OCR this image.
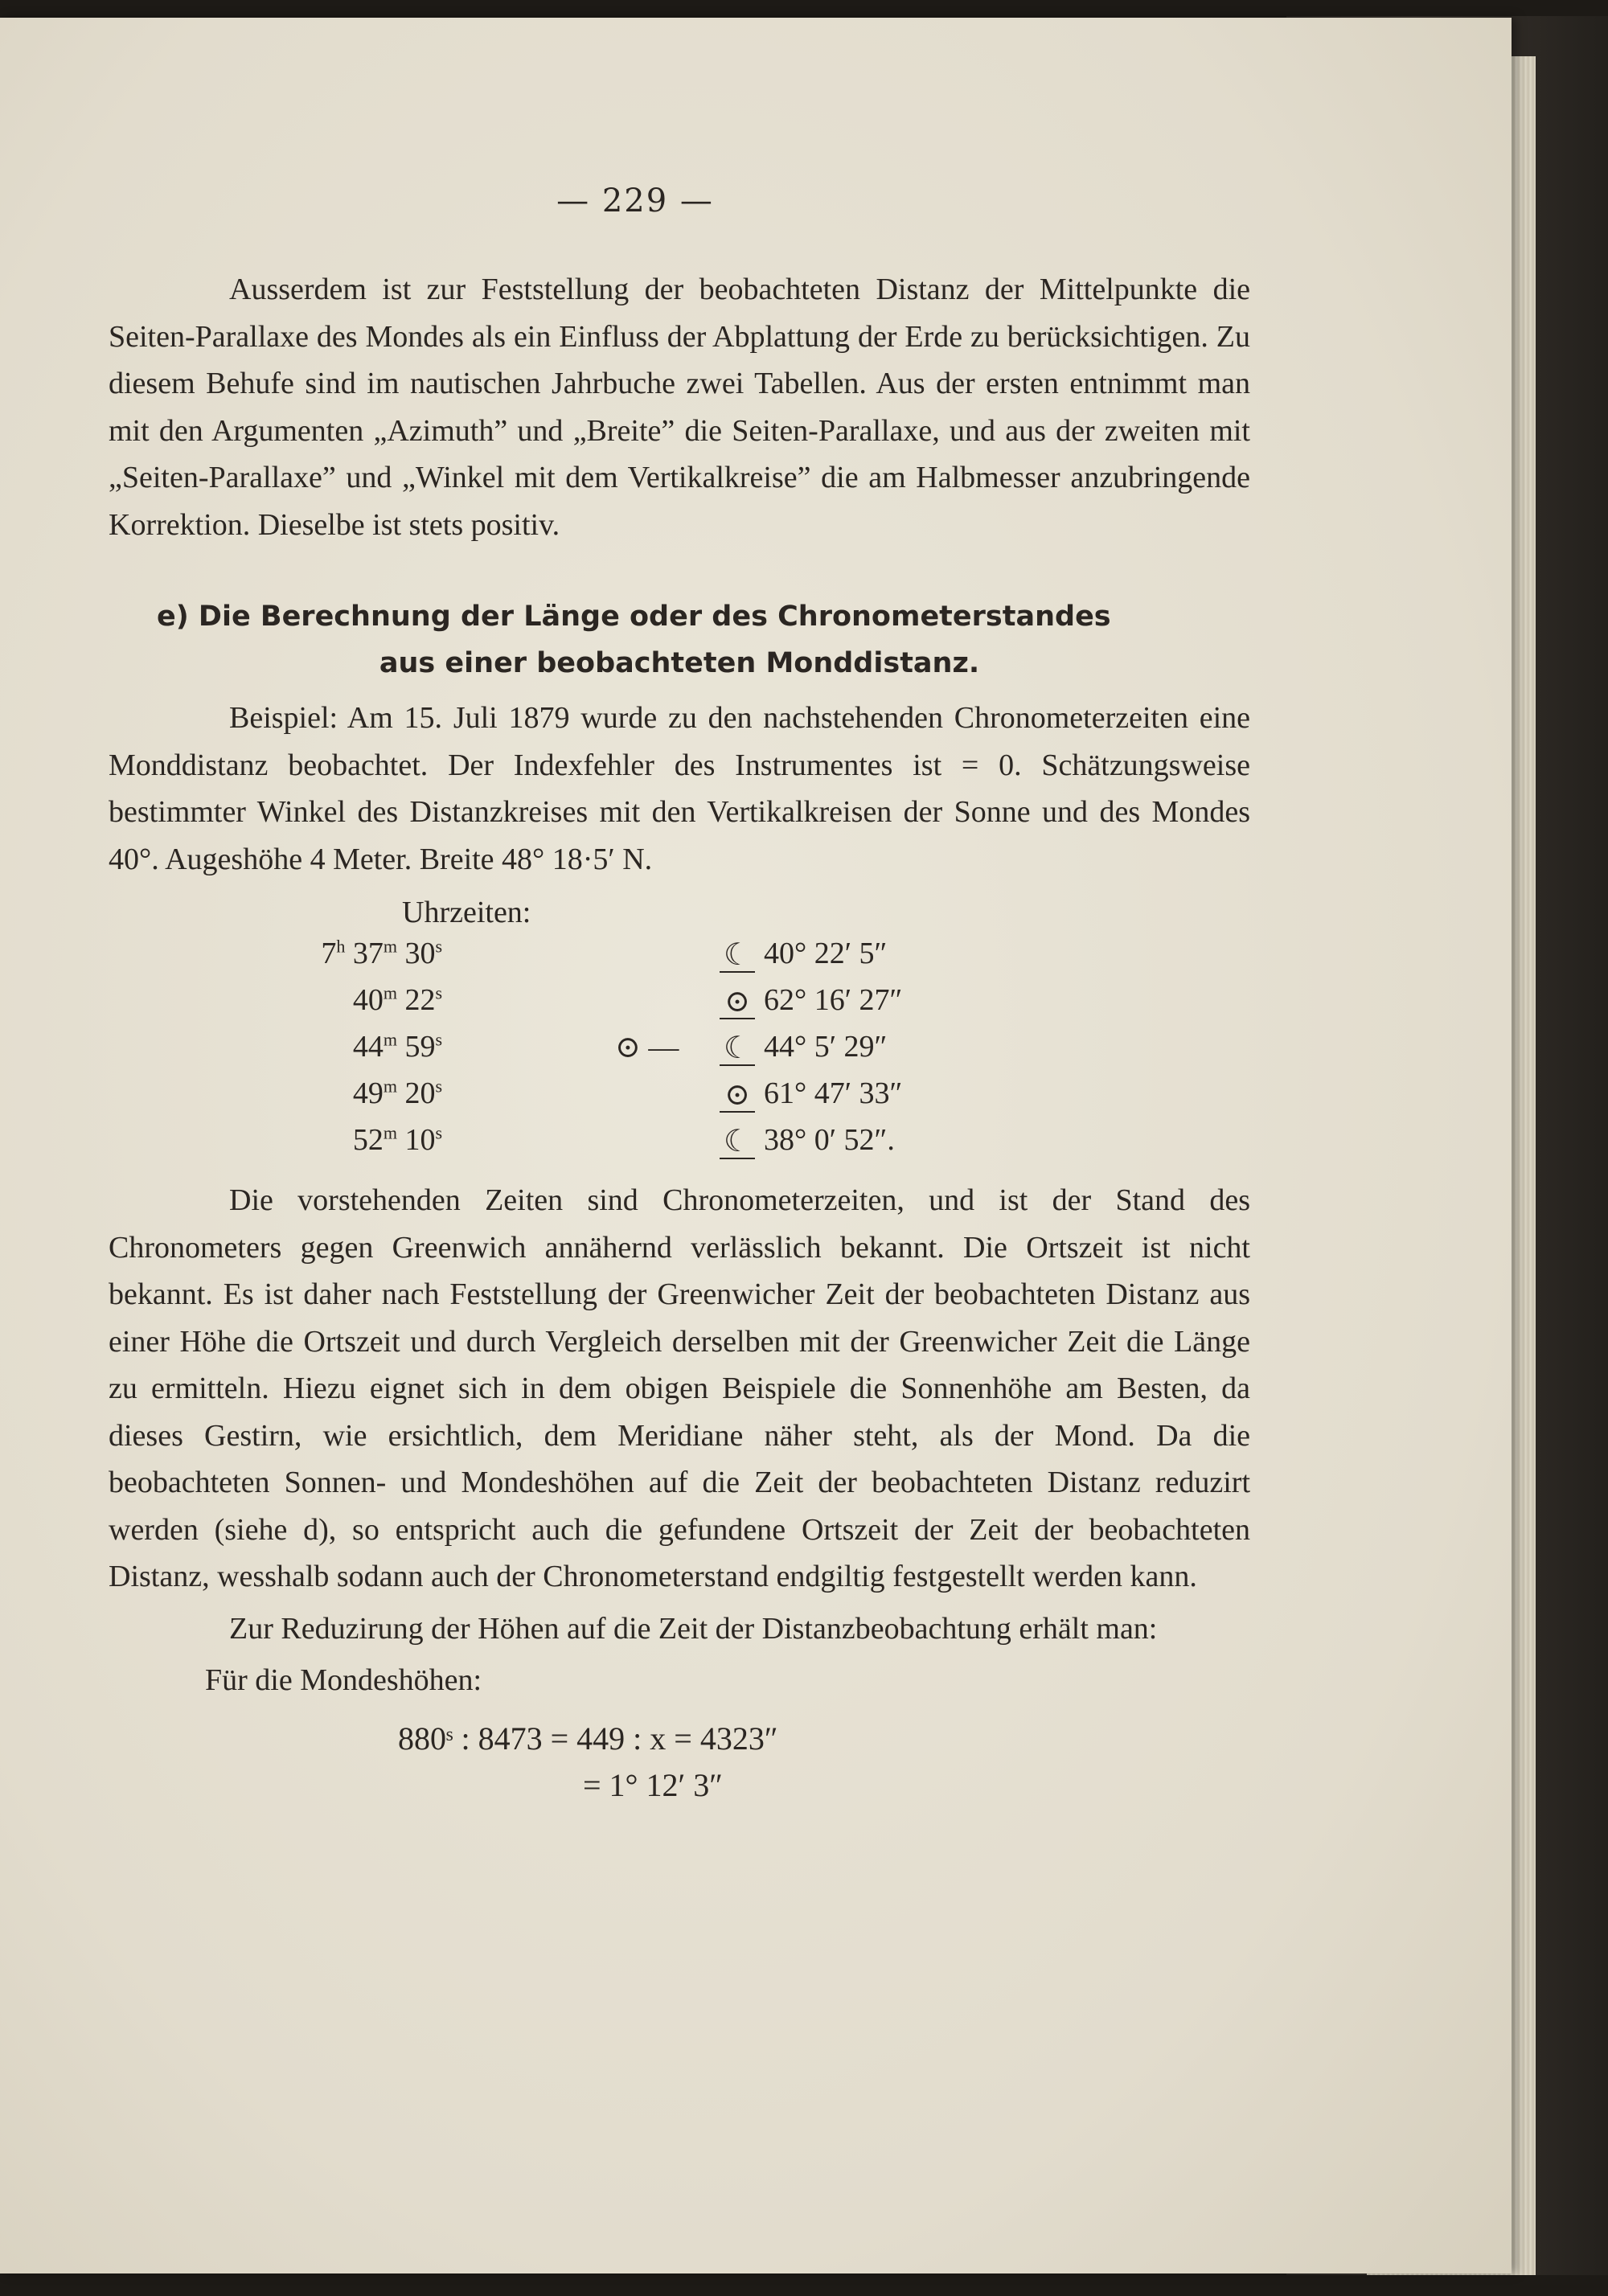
— 229 —

Ausserdem ist zur Feststellung der beobachteten Distanz der Mittelpunkte die Seiten-Parallaxe des Mondes als ein Einfluss der Abplattung der Erde zu berücksichtigen. Zu diesem Behufe sind im nautischen Jahrbuche zwei Tabellen. Aus der ersten entnimmt man mit den Argumenten „Azimuth” und „Breite” die Seiten-Parallaxe, und aus der zweiten mit „Seiten-Parallaxe” und „Winkel mit dem Vertikalkreise” die am Halbmesser anzubringende Korrektion. Dieselbe ist stets positiv.

e) Die Berechnung der Länge oder des Chronometerstandes
aus einer beobachteten Monddistanz.

Beispiel: Am 15. Juli 1879 wurde zu den nachstehenden Chronometerzeiten eine Monddistanz beobachtet. Der Indexfehler des Instrumentes ist = 0. Schätzungsweise bestimmter Winkel des Distanzkreises mit den Vertikalkreisen der Sonne und des Mondes 40°. Augeshöhe 4 Meter. Breite 48° 18·5′ N.

Uhrzeiten:
7$^h$ 37$^m$ 30$^s$	☾ 40° 22′ 5″
40$^m$ 22$^s$	⊙ 62° 16′ 27″
44$^m$ 59$^s$	⊙ — ☾ 44° 5′ 29″
49$^m$ 20$^s$	⊙ 61° 47′ 33″
52$^m$ 10$^s$	☾ 38° 0′ 52″.

Die vorstehenden Zeiten sind Chronometerzeiten, und ist der Stand des Chronometers gegen Greenwich annähernd verlässlich bekannt. Die Ortszeit ist nicht bekannt. Es ist daher nach Feststellung der Greenwicher Zeit der beobachteten Distanz aus einer Höhe die Ortszeit und durch Vergleich derselben mit der Greenwicher Zeit die Länge zu ermitteln. Hiezu eignet sich in dem obigen Beispiele die Sonnenhöhe am Besten, da dieses Gestirn, wie ersichtlich, dem Meridiane näher steht, als der Mond. Da die beobachteten Sonnen- und Mondeshöhen auf die Zeit der beobachteten Distanz reduzirt werden (siehe d), so entspricht auch die gefundene Ortszeit der Zeit der beobachteten Distanz, wesshalb sodann auch der Chronometerstand endgiltig festgestellt werden kann.

Zur Reduzirung der Höhen auf die Zeit der Distanzbeobachtung erhält man:

Für die Mondeshöhen:

880ˢ : 8473 = 449 : x = 4323″

= 1° 12′ 3″
